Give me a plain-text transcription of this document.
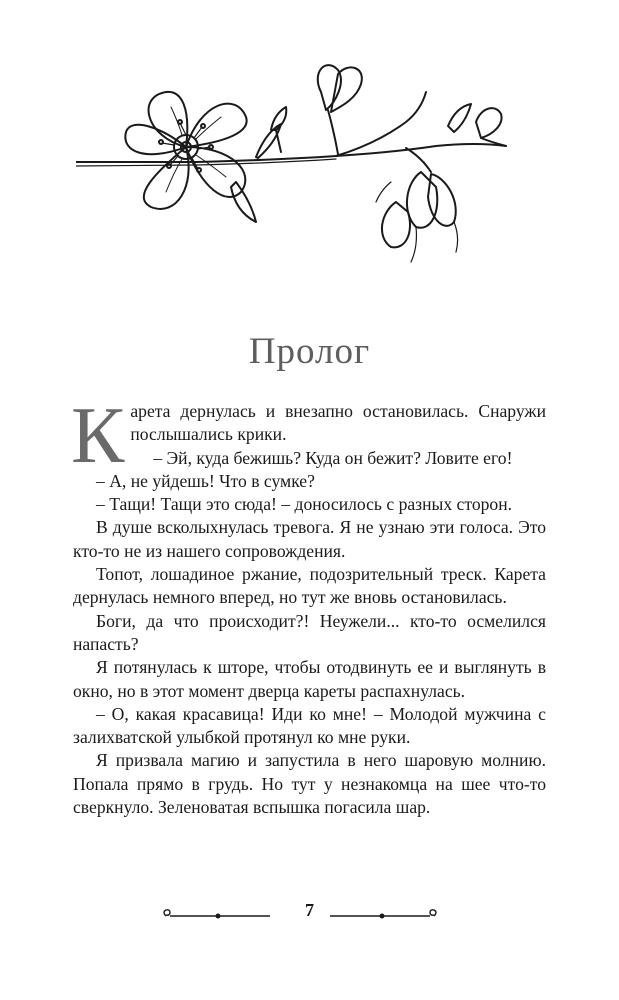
Пролог

Карета дернулась и внезапно остановилась. Снаружи послышались крики.

– Эй, куда бежишь? Куда он бежит? Ловите его!

– А, не уйдешь! Что в сумке?

– Тащи! Тащи это сюда! – доносилось с разных сторон.

В душе всколыхнулась тревога. Я не узнаю эти голоса. Это кто-то не из нашего сопровождения.

Топот, лошадиное ржание, подозрительный треск. Карета дернулась немного вперед, но тут же вновь остановилась.

Боги, да что происходит?! Неужели... кто-то осмелился напасть?

Я потянулась к шторе, чтобы отодвинуть ее и выглянуть в окно, но в этот момент дверца кареты распахнулась.

– О, какая красавица! Иди ко мне! – Молодой мужчина с залихватской улыбкой протянул ко мне руки.

Я призвала магию и запустила в него шаровую молнию. Попала прямо в грудь. Но тут у незнакомца на шее что-то сверкнуло. Зеленоватая вспышка погасила шар.

7
